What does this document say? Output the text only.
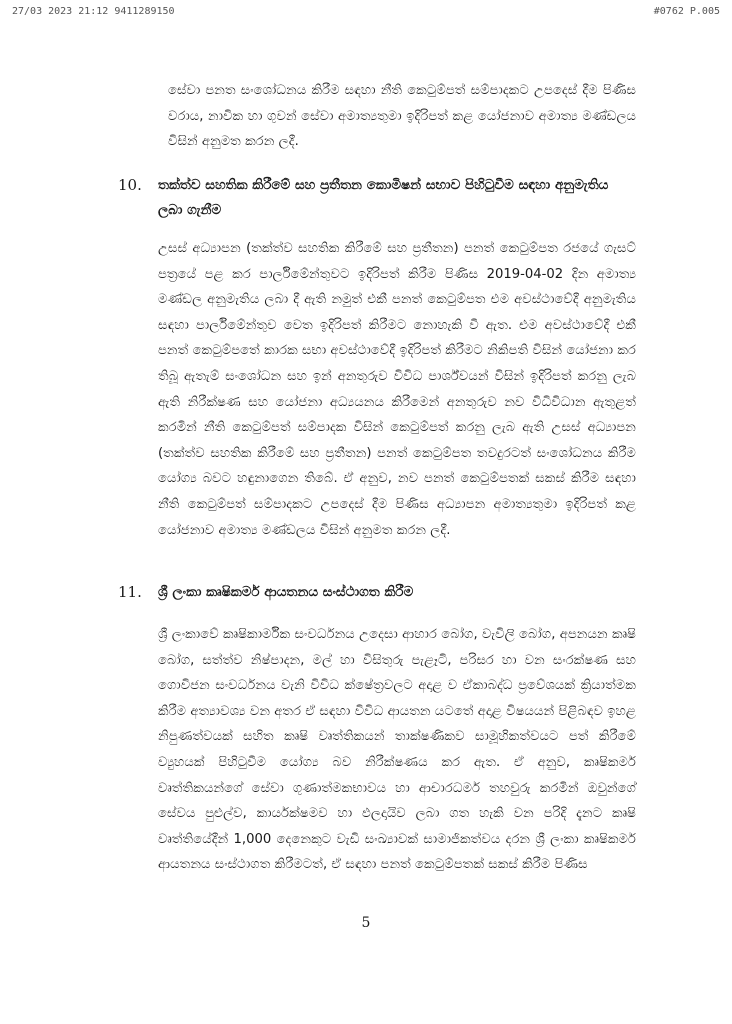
27/03 2023 21:12 9411289150	#0762 P.005

සේවා පනත සංශෝධනය කිරීම සඳහා නීති කෙටුම්පත් සම්පාදකට උපදෙස් දීම පිණිස වරාය, නාවික හා ගුවන් සේවා අමාත්‍යතුමා ඉදිරිපත් කළ යෝජනාව අමාත්‍ය මණ්ඩලය විසින් අනුමත කරන ලදී.

10.	තක්ත්ව සහතික කිරීමේ සහ ප්‍රතීතන කොමිෂන් සභාව පිහිටුවීම සඳහා අනුමැතිය ලබා ගැනීම

උසස් අධ්‍යාපන (තක්ත්ව සහතික කිරීමේ සහ ප්‍රතීතන) පනත් කෙටුම්පත රජයේ ගැසට් පත්‍රයේ පළ කර පාර්ලිමේන්තුවට ඉදිරිපත් කිරීම පිණිස 2019-04-02 දින අමාත්‍ය මණ්ඩල අනුමැතිය ලබා දී ඇති නමුත් එකී පනත් කෙටුම්පත එම අවස්ථාවේදී අනුමැතිය සඳහා පාර්ලිමේන්තුව වෙත ඉදිරිපත් කිරීමට නොහැකි වී ඇත. එම අවස්ථාවේදී එකී පනත් කෙටුම්පතේ කාරක සභා අවස්ථාවේදී ඉදිරිපත් කිරීමට නිකිපති විසින් යෝජනා කර තිබූ ඇතැම් සංශෝධන සහ ඉන් අනතුරුව විවිධ පාර්ශ්වයන් විසින් ඉදිරිපත් කරනු ලැබ ඇති නිරීක්ෂණ සහ යෝජනා අධ්‍යයනය කිරීමෙන් අනතුරුව නව විධිවිධාන ඇතුළත් කරමින් නීති කෙටුම්පත් සම්පාදක විසින් කෙටුම්පත් කරනු ලැබ ඇති උසස් අධ්‍යාපන (තක්ත්ව සහතික කිරීමේ සහ ප්‍රතීතන) පනත් කෙටුම්පත තවදුරටත් සංශෝධනය කිරීම යෝග්‍ය බවට හඳුනාගෙන තිබේ. ඒ අනුව, නව පනත් කෙටුම්පතක් සකස් කිරීම සඳහා නීති කෙටුම්පත් සම්පාදකට උපදෙස් දීම පිණිස අධ්‍යාපන අමාත්‍යතුමා ඉදිරිපත් කළ යෝජනාව අමාත්‍ය මණ්ඩලය විසින් අනුමත කරන ලදී.

11.	ශ්‍රී ලංකා කෘෂිකර්ම ආයතනය සංස්ථාගත කිරීම

ශ්‍රී ලංකාවේ කෘෂිකාර්මික සංවර්ධනය උදෙසා ආහාර බෝග, වැවිලි බෝග, අපනයන කෘෂි බෝග, සත්ත්ව නිෂ්පාදන, මල් හා විසිතුරු පැළෑටි, පරිසර හා වන සංරක්ෂණ සහ ගොවිජන සංවර්ධනය වැනි විවිධ ක්ෂේත්‍රවලට අදාළ ව ඒකාබද්ධ ප්‍රවේශයක් ක්‍රියාත්මක කිරීම අත්‍යාවශ්‍ය වන අතර ඒ සඳහා විවිධ ආයතන යටතේ අදාළ විෂයයන් පිළිබඳව ඉහළ නිපුණත්වයක් සහිත කෘෂි වෘත්තිකයන් තාක්ෂණිකව සාමූහිකත්වයට පත් කිරීමේ ව්‍යුහයක් පිහිටුවීම යෝග්‍ය බව නිරීක්ෂණය කර ඇත. ඒ අනුව, කෘෂිකර්ම වෘත්තිකයන්ගේ සේවා ගුණාත්මකභාවය හා ආචාරධර්ම තහවුරු කරමින් ඔවුන්ගේ සේවය පුළුල්ව, කාර්යක්ෂමව හා ඵලදායිව ලබා ගත හැකි වන පරිදි දැනට කෘෂි වෘත්තියේදීන් 1,000 දෙනෙකුට වැඩි සංඛ්‍යාවක් සාමාජිකත්වය දරන ශ්‍රී ලංකා කෘෂිකර්ම ආයතනය සංස්ථාගත කිරීමටත්, ඒ සඳහා පනත් කෙටුම්පතක් සකස් කිරීම පිණිස

5
